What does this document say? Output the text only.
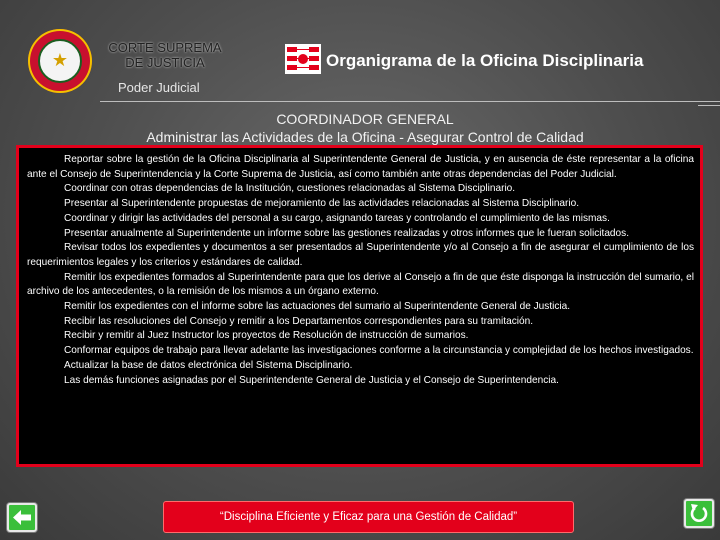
★
CORTE SUPREMA DE JUSTICIA
Poder Judicial
Organigrama de la Oficina Disciplinaria
COORDINADOR GENERAL
Administrar las Actividades de la Oficina - Asegurar Control de Calidad

Reportar sobre la gestión de la Oficina Disciplinaria al Superintendente General de Justicia, y en ausencia de éste representar a la oficina ante el Consejo de Superintendencia y la Corte Suprema de Justicia, así como también ante otras dependencias del Poder Judicial.

Coordinar con otras dependencias de la Institución, cuestiones relacionadas al Sistema Disciplinario.

Presentar al Superintendente propuestas de mejoramiento de las actividades relacionadas al Sistema Disciplinario.

Coordinar y dirigir las actividades del personal a su cargo, asignando tareas y controlando el cumplimiento de las mismas.

Presentar anualmente al Superintendente un informe sobre las gestiones realizadas y otros informes que le fueran solicitados.

Revisar todos los expedientes y documentos a ser presentados al Superintendente y/o al Consejo a fin de asegurar el cumplimiento de los requerimientos legales y los criterios y estándares de calidad.

Remitir los expedientes formados al Superintendente para que los derive al Consejo a fin de que éste disponga la instrucción del sumario, el archivo de los antecedentes, o la remisión de los mismos a un órgano externo.

Remitir los expedientes con el informe sobre las actuaciones del sumario al Superintendente General de Justicia.

Recibir las resoluciones del Consejo y remitir a los Departamentos correspondientes para su tramitación.

Recibir y remitir al Juez Instructor los proyectos de Resolución de instrucción de sumarios.

Conformar equipos de trabajo para llevar adelante las investigaciones conforme a la circunstancia y complejidad de los hechos investigados.

Actualizar la base de datos electrónica del Sistema Disciplinario.

Las demás funciones asignadas por el Superintendente General de Justicia y el Consejo de Superintendencia.

“Disciplina Eficiente y Eficaz para una Gestión de Calidad”
